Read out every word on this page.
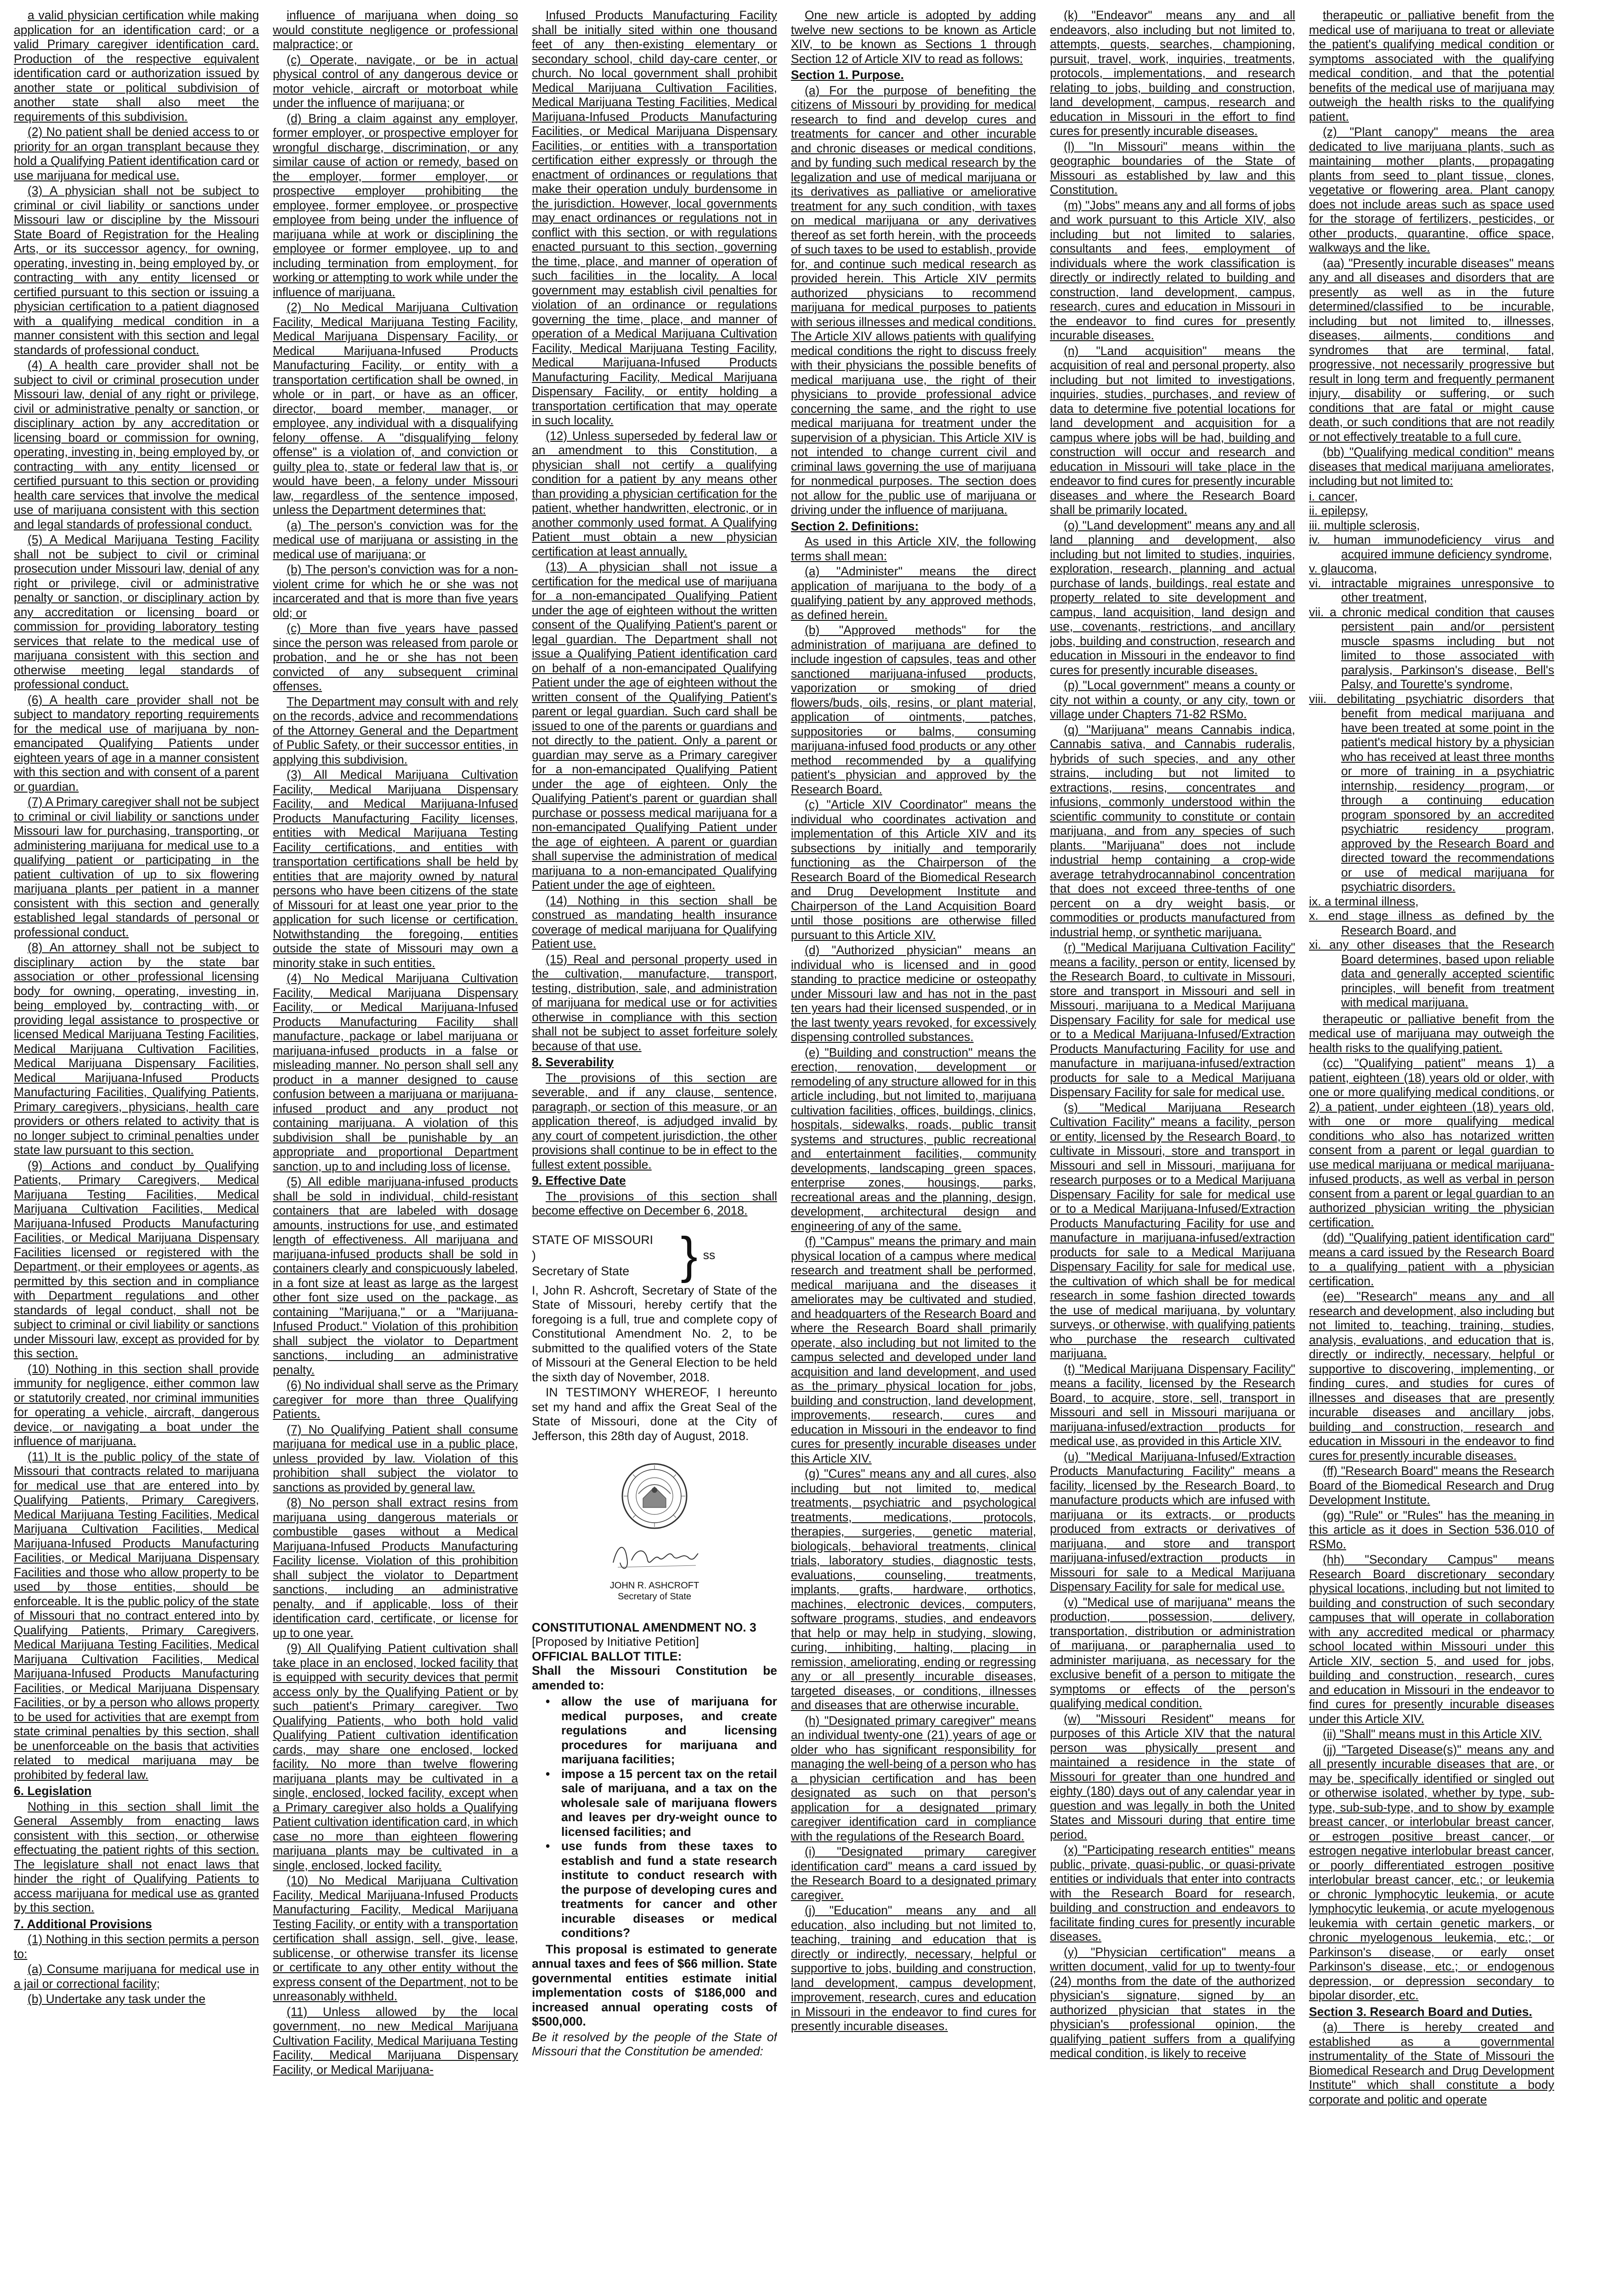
a valid physician certification while making application for an identification card; or a valid Primary caregiver identification card. Production of the respective equivalent identification card or authorization issued by another state or political subdivision of another state shall also meet the requirements of this subdivision.

(2) No patient shall be denied access to or priority for an organ transplant because they hold a Qualifying Patient identification card or use marijuana for medical use.

(3) A physician shall not be subject to criminal or civil liability or sanctions under Missouri law or discipline by the Missouri State Board of Registration for the Healing Arts, or its successor agency, for owning, operating, investing in, being employed by, or contracting with any entity licensed or certified pursuant to this section or issuing a physician certification to a patient diagnosed with a qualifying medical condition in a manner consistent with this section and legal standards of professional conduct.

(4) A health care provider shall not be subject to civil or criminal prosecution under Missouri law, denial of any right or privilege, civil or administrative penalty or sanction, or disciplinary action by any accreditation or licensing board or commission for owning, operating, investing in, being employed by, or contracting with any entity licensed or certified pursuant to this section or providing health care services that involve the medical use of marijuana consistent with this section and legal standards of professional conduct.

(5) A Medical Marijuana Testing Facility shall not be subject to civil or criminal prosecution under Missouri law, denial of any right or privilege, civil or administrative penalty or sanction, or disciplinary action by any accreditation or licensing board or commission for providing laboratory testing services that relate to the medical use of marijuana consistent with this section and otherwise meeting legal standards of professional conduct.

(6) A health care provider shall not be subject to mandatory reporting requirements for the medical use of marijuana by non-emancipated Qualifying Patients under eighteen years of age in a manner consistent with this section and with consent of a parent or guardian.

(7) A Primary caregiver shall not be subject to criminal or civil liability or sanctions under Missouri law for purchasing, transporting, or administering marijuana for medical use to a qualifying patient or participating in the patient cultivation of up to six flowering marijuana plants per patient in a manner consistent with this section and generally established legal standards of personal or professional conduct.

(8) An attorney shall not be subject to disciplinary action by the state bar association or other professional licensing body for owning, operating, investing in, being employed by, contracting with, or providing legal assistance to prospective or licensed Medical Marijuana Testing Facilities, Medical Marijuana Cultivation Facilities, Medical Marijuana Dispensary Facilities, Medical Marijuana-Infused Products Manufacturing Facilities, Qualifying Patients, Primary caregivers, physicians, health care providers or others related to activity that is no longer subject to criminal penalties under state law pursuant to this section.

(9) Actions and conduct by Qualifying Patients, Primary Caregivers, Medical Marijuana Testing Facilities, Medical Marijuana Cultivation Facilities, Medical Marijuana-Infused Products Manufacturing Facilities, or Medical Marijuana Dispensary Facilities licensed or registered with the Department, or their employees or agents, as permitted by this section and in compliance with Department regulations and other standards of legal conduct, shall not be subject to criminal or civil liability or sanctions under Missouri law, except as provided for by this section.

(10) Nothing in this section shall provide immunity for negligence, either common law or statutorily created, nor criminal immunities for operating a vehicle, aircraft, dangerous device, or navigating a boat under the influence of marijuana.

(11) It is the public policy of the state of Missouri that contracts related to marijuana for medical use that are entered into by Qualifying Patients, Primary Caregivers, Medical Marijuana Testing Facilities, Medical Marijuana Cultivation Facilities, Medical Marijuana-Infused Products Manufacturing Facilities, or Medical Marijuana Dispensary Facilities and those who allow property to be used by those entities, should be enforceable. It is the public policy of the state of Missouri that no contract entered into by Qualifying Patients, Primary Caregivers, Medical Marijuana Testing Facilities, Medical Marijuana Cultivation Facilities, Medical Marijuana-Infused Products Manufacturing Facilities, or Medical Marijuana Dispensary Facilities, or by a person who allows property to be used for activities that are exempt from state criminal penalties by this section, shall be unenforceable on the basis that activities related to medical marijuana may be prohibited by federal law.

6. Legislation

Nothing in this section shall limit the General Assembly from enacting laws consistent with this section, or otherwise effectuating the patient rights of this section. The legislature shall not enact laws that hinder the right of Qualifying Patients to access marijuana for medical use as granted by this section.

7. Additional Provisions

(1) Nothing in this section permits a person to:

(a) Consume marijuana for medical use in a jail or correctional facility;

(b) Undertake any task under the

influence of marijuana when doing so would constitute negligence or professional malpractice; or

(c) Operate, navigate, or be in actual physical control of any dangerous device or motor vehicle, aircraft or motorboat while under the influence of marijuana; or

(d) Bring a claim against any employer, former employer, or prospective employer for wrongful discharge, discrimination, or any similar cause of action or remedy, based on the employer, former employer, or prospective employer prohibiting the employee, former employee, or prospective employee from being under the influence of marijuana while at work or disciplining the employee or former employee, up to and including termination from employment, for working or attempting to work while under the influence of marijuana.

(2) No Medical Marijuana Cultivation Facility, Medical Marijuana Testing Facility, Medical Marijuana Dispensary Facility, or Medical Marijuana-Infused Products Manufacturing Facility, or entity with a transportation certification shall be owned, in whole or in part, or have as an officer, director, board member, manager, or employee, any individual with a disqualifying felony offense. A "disqualifying felony offense" is a violation of, and conviction or guilty plea to, state or federal law that is, or would have been, a felony under Missouri law, regardless of the sentence imposed, unless the Department determines that:

(a) The person's conviction was for the medical use of marijuana or assisting in the medical use of marijuana; or

(b) The person's conviction was for a non-violent crime for which he or she was not incarcerated and that is more than five years old; or

(c) More than five years have passed since the person was released from parole or probation, and he or she has not been convicted of any subsequent criminal offenses.

The Department may consult with and rely on the records, advice and recommendations of the Attorney General and the Department of Public Safety, or their successor entities, in applying this subdivision.

(3) All Medical Marijuana Cultivation Facility, Medical Marijuana Dispensary Facility, and Medical Marijuana-Infused Products Manufacturing Facility licenses, entities with Medical Marijuana Testing Facility certifications, and entities with transportation certifications shall be held by entities that are majority owned by natural persons who have been citizens of the state of Missouri for at least one year prior to the application for such license or certification. Notwithstanding the foregoing, entities outside the state of Missouri may own a minority stake in such entities.

(4) No Medical Marijuana Cultivation Facility, Medical Marijuana Dispensary Facility, or Medical Marijuana-Infused Products Manufacturing Facility shall manufacture, package or label marijuana or marijuana-infused products in a false or misleading manner. No person shall sell any product in a manner designed to cause confusion between a marijuana or marijuana-infused product and any product not containing marijuana. A violation of this subdivision shall be punishable by an appropriate and proportional Department sanction, up to and including loss of license.

(5) All edible marijuana-infused products shall be sold in individual, child-resistant containers that are labeled with dosage amounts, instructions for use, and estimated length of effectiveness. All marijuana and marijuana-infused products shall be sold in containers clearly and conspicuously labeled, in a font size at least as large as the largest other font size used on the package, as containing "Marijuana," or a "Marijuana-Infused Product." Violation of this prohibition shall subject the violator to Department sanctions, including an administrative penalty.

(6) No individual shall serve as the Primary caregiver for more than three Qualifying Patients.

(7) No Qualifying Patient shall consume marijuana for medical use in a public place, unless provided by law. Violation of this prohibition shall subject the violator to sanctions as provided by general law.

(8) No person shall extract resins from marijuana using dangerous materials or combustible gases without a Medical Marijuana-Infused Products Manufacturing Facility license. Violation of this prohibition shall subject the violator to Department sanctions, including an administrative penalty, and if applicable, loss of their identification card, certificate, or license for up to one year.

(9) All Qualifying Patient cultivation shall take place in an enclosed, locked facility that is equipped with security devices that permit access only by the Qualifying Patient or by such patient's Primary caregiver. Two Qualifying Patients, who both hold valid Qualifying Patient cultivation identification cards, may share one enclosed, locked facility. No more than twelve flowering marijuana plants may be cultivated in a single, enclosed, locked facility, except when a Primary caregiver also holds a Qualifying Patient cultivation identification card, in which case no more than eighteen flowering marijuana plants may be cultivated in a single, enclosed, locked facility.

(10) No Medical Marijuana Cultivation Facility, Medical Marijuana-Infused Products Manufacturing Facility, Medical Marijuana Testing Facility, or entity with a transportation certification shall assign, sell, give, lease, sublicense, or otherwise transfer its license or certificate to any other entity without the express consent of the Department, not to be unreasonably withheld.

(11) Unless allowed by the local government, no new Medical Marijuana Cultivation Facility, Medical Marijuana Testing Facility, Medical Marijuana Dispensary Facility, or Medical Marijuana-

Infused Products Manufacturing Facility shall be initially sited within one thousand feet of any then-existing elementary or secondary school, child day-care center, or church. No local government shall prohibit Medical Marijuana Cultivation Facilities, Medical Marijuana Testing Facilities, Medical Marijuana-Infused Products Manufacturing Facilities, or Medical Marijuana Dispensary Facilities, or entities with a transportation certification either expressly or through the enactment of ordinances or regulations that make their operation unduly burdensome in the jurisdiction. However, local governments may enact ordinances or regulations not in conflict with this section, or with regulations enacted pursuant to this section, governing the time, place, and manner of operation of such facilities in the locality. A local government may establish civil penalties for violation of an ordinance or regulations governing the time, place, and manner of operation of a Medical Marijuana Cultivation Facility, Medical Marijuana Testing Facility, Medical Marijuana-Infused Products Manufacturing Facility, Medical Marijuana Dispensary Facility, or entity holding a transportation certification that may operate in such locality.

(12) Unless superseded by federal law or an amendment to this Constitution, a physician shall not certify a qualifying condition for a patient by any means other than providing a physician certification for the patient, whether handwritten, electronic, or in another commonly used format. A Qualifying Patient must obtain a new physician certification at least annually.

(13) A physician shall not issue a certification for the medical use of marijuana for a non-emancipated Qualifying Patient under the age of eighteen without the written consent of the Qualifying Patient's parent or legal guardian. The Department shall not issue a Qualifying Patient identification card on behalf of a non-emancipated Qualifying Patient under the age of eighteen without the written consent of the Qualifying Patient's parent or legal guardian. Such card shall be issued to one of the parents or guardians and not directly to the patient. Only a parent or guardian may serve as a Primary caregiver for a non-emancipated Qualifying Patient under the age of eighteen. Only the Qualifying Patient's parent or guardian shall purchase or possess medical marijuana for a non-emancipated Qualifying Patient under the age of eighteen. A parent or guardian shall supervise the administration of medical marijuana to a non-emancipated Qualifying Patient under the age of eighteen.

(14) Nothing in this section shall be construed as mandating health insurance coverage of medical marijuana for Qualifying Patient use.

(15) Real and personal property used in the cultivation, manufacture, transport, testing, distribution, sale, and administration of marijuana for medical use or for activities otherwise in compliance with this section shall not be subject to asset forfeiture solely because of that use.

8. Severability

The provisions of this section are severable, and if any clause, sentence, paragraph, or section of this measure, or an application thereof, is adjudged invalid by any court of competent jurisdiction, the other provisions shall continue to be in effect to the fullest extent possible.

9. Effective Date

The provisions of this section shall become effective on December 6, 2018.

STATE OF MISSOURI
)
Secretary of State	} ss

I, John R. Ashcroft, Secretary of State of the State of Missouri, hereby certify that the foregoing is a full, true and complete copy of Constitutional Amendment No. 2, to be submitted to the qualified voters of the State of Missouri at the General Election to be held the sixth day of November, 2018.

IN TESTIMONY WHEREOF, I hereunto set my hand and affix the Great Seal of the State of Missouri, done at the City of Jefferson, this 28th day of August, 2018.

JOHN R. ASHCROFT
Secretary of State
CONSTITUTIONAL AMENDMENT NO. 3
[Proposed by Initiative Petition]
OFFICIAL BALLOT TITLE:
Shall the Missouri Constitution be amended to:
• allow the use of marijuana for medical purposes, and create regulations and licensing procedures for marijuana and marijuana facilities;
• impose a 15 percent tax on the retail sale of marijuana, and a tax on the wholesale sale of marijuana flowers and leaves per dry-weight ounce to licensed facilities; and
• use funds from these taxes to establish and fund a state research institute to conduct research with the purpose of developing cures and treatments for cancer and other incurable diseases or medical conditions?

This proposal is estimated to generate annual taxes and fees of $66 million. State governmental entities estimate initial implementation costs of $186,000 and increased annual operating costs of $500,000.

Be it resolved by the people of the State of Missouri that the Constitution be amended:

One new article is adopted by adding twelve new sections to be known as Article XIV, to be known as Sections 1 through Section 12 of Article XIV to read as follows:

Section 1. Purpose.

(a) For the purpose of benefiting the citizens of Missouri by providing for medical research to find and develop cures and treatments for cancer and other incurable and chronic diseases or medical conditions, and by funding such medical research by the legalization and use of medical marijuana or its derivatives as palliative or ameliorative treatment for any such condition, with taxes on medical marijuana or any derivatives thereof as set forth herein, with the proceeds of such taxes to be used to establish, provide for, and continue such medical research as provided herein. This Article XIV permits authorized physicians to recommend marijuana for medical purposes to patients with serious illnesses and medical conditions. The Article XIV allows patients with qualifying medical conditions the right to discuss freely with their physicians the possible benefits of medical marijuana use, the right of their physicians to provide professional advice concerning the same, and the right to use medical marijuana for treatment under the supervision of a physician. This Article XIV is not intended to change current civil and criminal laws governing the use of marijuana for nonmedical purposes. The section does not allow for the public use of marijuana or driving under the influence of marijuana.

Section 2. Definitions:

As used in this Article XIV, the following terms shall mean:

(a) "Administer" means the direct application of marijuana to the body of a qualifying patient by any approved methods, as defined herein.

(b) "Approved methods" for the administration of marijuana are defined to include ingestion of capsules, teas and other sanctioned marijuana-infused products, vaporization or smoking of dried flowers/buds, oils, resins, or plant material, application of ointments, patches, suppositories or balms, consuming marijuana-infused food products or any other method recommended by a qualifying patient's physician and approved by the Research Board.

(c) "Article XIV Coordinator" means the individual who coordinates activation and implementation of this Article XIV and its subsections by initially and temporarily functioning as the Chairperson of the Research Board of the Biomedical Research and Drug Development Institute and Chairperson of the Land Acquisition Board until those positions are otherwise filled pursuant to this Article XIV.

(d) "Authorized physician" means an individual who is licensed and in good standing to practice medicine or osteopathy under Missouri law and has not in the past ten years had their licensed suspended, or in the last twenty years revoked, for excessively dispensing controlled substances.

(e) "Building and construction" means the erection, renovation, development or remodeling of any structure allowed for in this article including, but not limited to, marijuana cultivation facilities, offices, buildings, clinics, hospitals, sidewalks, roads, public transit systems and structures, public recreational and entertainment facilities, community developments, landscaping green spaces, enterprise zones, housings, parks, recreational areas and the planning, design, development, architectural design and engineering of any of the same.

(f) "Campus" means the primary and main physical location of a campus where medical research and treatment shall be performed, medical marijuana and the diseases it ameliorates may be cultivated and studied, and headquarters of the Research Board and where the Research Board shall primarily operate, also including but not limited to the campus selected and developed under land acquisition and land development, and used as the primary physical location for jobs, building and construction, land development, improvements, research, cures and education in Missouri in the endeavor to find cures for presently incurable diseases under this Article XIV.

(g) "Cures" means any and all cures, also including but not limited to, medical treatments, psychiatric and psychological treatments, medications, protocols, therapies, surgeries, genetic material, biologicals, behavioral treatments, clinical trials, laboratory studies, diagnostic tests, evaluations, counseling, treatments, implants, grafts, hardware, orthotics, machines, electronic devices, computers, software programs, studies, and endeavors that help or may help in studying, slowing, curing, inhibiting, halting, placing in remission, ameliorating, ending or regressing any or all presently incurable diseases, targeted diseases, or conditions, illnesses and diseases that are otherwise incurable.

(h) "Designated primary caregiver" means an individual twenty-one (21) years of age or older who has significant responsibility for managing the well-being of a person who has a physician certification and has been designated as such on that person's application for a designated primary caregiver identification card in compliance with the regulations of the Research Board.

(i) "Designated primary caregiver identification card" means a card issued by the Research Board to a designated primary caregiver.

(j) "Education" means any and all education, also including but not limited to, teaching, training and education that is directly or indirectly, necessary, helpful or supportive to jobs, building and construction, land development, campus development, improvement, research, cures and education in Missouri in the endeavor to find cures for presently incurable diseases.

(k) "Endeavor" means any and all endeavors, also including but not limited to, attempts, quests, searches, championing, pursuit, travel, work, inquiries, treatments, protocols, implementations, and research relating to jobs, building and construction, land development, campus, research and education in Missouri in the effort to find cures for presently incurable diseases.

(l) "In Missouri" means within the geographic boundaries of the State of Missouri as established by law and this Constitution.

(m) "Jobs" means any and all forms of jobs and work pursuant to this Article XIV, also including but not limited to salaries, consultants and fees, employment of individuals where the work classification is directly or indirectly related to building and construction, land development, campus, research, cures and education in Missouri in the endeavor to find cures for presently incurable diseases.

(n) "Land acquisition" means the acquisition of real and personal property, also including but not limited to investigations, inquiries, studies, purchases, and review of data to determine five potential locations for land development and acquisition for a campus where jobs will be had, building and construction will occur and research and education in Missouri will take place in the endeavor to find cures for presently incurable diseases and where the Research Board shall be primarily located.

(o) "Land development" means any and all land planning and development, also including but not limited to studies, inquiries, exploration, research, planning and actual purchase of lands, buildings, real estate and property related to site development and campus, land acquisition, land design and use, covenants, restrictions, and ancillary jobs, building and construction, research and education in Missouri in the endeavor to find cures for presently incurable diseases.

(p) "Local government" means a county or city not within a county, or any city, town or village under Chapters 71-82 RSMo.

(q) "Marijuana" means Cannabis indica, Cannabis sativa, and Cannabis ruderalis, hybrids of such species, and any other strains, including but not limited to extractions, resins, concentrates and infusions, commonly understood within the scientific community to constitute or contain marijuana, and from any species of such plants. "Marijuana" does not include industrial hemp containing a crop-wide average tetrahydrocannabinol concentration that does not exceed three-tenths of one percent on a dry weight basis, or commodities or products manufactured from industrial hemp, or synthetic marijuana.

(r) "Medical Marijuana Cultivation Facility" means a facility, person or entity, licensed by the Research Board, to cultivate in Missouri, store and transport in Missouri and sell in Missouri, marijuana to a Medical Marijuana Dispensary Facility for sale for medical use or to a Medical Marijuana-Infused/Extraction Products Manufacturing Facility for use and manufacture in marijuana-infused/extraction products for sale to a Medical Marijuana Dispensary Facility for sale for medical use.

(s) "Medical Marijuana Research Cultivation Facility" means a facility, person or entity, licensed by the Research Board, to cultivate in Missouri, store and transport in Missouri and sell in Missouri, marijuana for research purposes or to a Medical Marijuana Dispensary Facility for sale for medical use or to a Medical Marijuana-Infused/Extraction Products Manufacturing Facility for use and manufacture in marijuana-infused/extraction products for sale to a Medical Marijuana Dispensary Facility for sale for medical use, the cultivation of which shall be for medical research in some fashion directed towards the use of medical marijuana, by voluntary surveys, or otherwise, with qualifying patients who purchase the research cultivated marijuana.

(t) "Medical Marijuana Dispensary Facility" means a facility, licensed by the Research Board, to acquire, store, sell, transport in Missouri and sell in Missouri marijuana or marijuana-infused/extraction products for medical use, as provided in this Article XIV.

(u) "Medical Marijuana-Infused/Extraction Products Manufacturing Facility" means a facility, licensed by the Research Board, to manufacture products which are infused with marijuana or its extracts, or products produced from extracts or derivatives of marijuana, and store and transport marijuana-infused/extraction products in Missouri for sale to a Medical Marijuana Dispensary Facility for sale for medical use.

(v) "Medical use of marijuana" means the production, possession, delivery, transportation, distribution or administration of marijuana, or paraphernalia used to administer marijuana, as necessary for the exclusive benefit of a person to mitigate the symptoms or effects of the person's qualifying medical condition.

(w) "Missouri Resident" means for purposes of this Article XIV that the natural person was physically present and maintained a residence in the state of Missouri for greater than one hundred and eighty (180) days out of any calendar year in question and was legally in both the United States and Missouri during that entire time period.

(x) "Participating research entities" means public, private, quasi-public, or quasi-private entities or individuals that enter into contracts with the Research Board for research, building and construction and endeavors to facilitate finding cures for presently incurable diseases.

(y) "Physician certification" means a written document, valid for up to twenty-four (24) months from the date of the authorized physician's signature, signed by an authorized physician that states in the physician's professional opinion, the qualifying patient suffers from a qualifying medical condition, is likely to receive

therapeutic or palliative benefit from the medical use of marijuana to treat or alleviate the patient's qualifying medical condition or symptoms associated with the qualifying medical condition, and that the potential benefits of the medical use of marijuana may outweigh the health risks to the qualifying patient.

(z) "Plant canopy" means the area dedicated to live marijuana plants, such as maintaining mother plants, propagating plants from seed to plant tissue, clones, vegetative or flowering area. Plant canopy does not include areas such as space used for the storage of fertilizers, pesticides, or other products, quarantine, office space, walkways and the like.

(aa) "Presently incurable diseases" means any and all diseases and disorders that are presently as well as in the future determined/classified to be incurable, including but not limited to, illnesses, diseases, ailments, conditions and syndromes that are terminal, fatal, progressive, not necessarily progressive but result in long term and frequently permanent injury, disability or suffering, or such conditions that are fatal or might cause death, or such conditions that are not readily or not effectively treatable to a full cure.

(bb) "Qualifying medical condition" means diseases that medical marijuana ameliorates, including but not limited to:

i. cancer,
ii. epilepsy,
iii. multiple sclerosis,
iv. human immunodeficiency virus and acquired immune deficiency syndrome,
v. glaucoma,
vi. intractable migraines unresponsive to other treatment,
vii. a chronic medical condition that causes persistent pain and/or persistent muscle spasms including but not limited to those associated with paralysis, Parkinson's disease, Bell's Palsy, and Tourette's syndrome,
viii. debilitating psychiatric disorders that benefit from medical marijuana and have been treated at some point in the patient's medical history by a physician who has received at least three months or more of training in a psychiatric internship, residency program, or through a continuing education program sponsored by an accredited psychiatric residency program, approved by the Research Board and directed toward the recommendations or use of medical marijuana for psychiatric disorders.
ix. a terminal illness,
x. end stage illness as defined by the Research Board, and
xi. any other diseases that the Research Board determines, based upon reliable data and generally accepted scientific principles, will benefit from treatment with medical marijuana.

therapeutic or palliative benefit from the medical use of marijuana may outweigh the health risks to the qualifying patient.

(cc) "Qualifying patient" means 1) a patient, eighteen (18) years old or older, with one or more qualifying medical conditions, or 2) a patient, under eighteen (18) years old, with one or more qualifying medical conditions who also has notarized written consent from a parent or legal guardian to use medical marijuana or medical marijuana-infused products, as well as verbal in person consent from a parent or legal guardian to an authorized physician writing the physician certification.

(dd) "Qualifying patient identification card" means a card issued by the Research Board to a qualifying patient with a physician certification.

(ee) "Research" means any and all research and development, also including but not limited to, teaching, training, studies, analysis, evaluations, and education that is, directly or indirectly, necessary, helpful or supportive to discovering, implementing, or finding cures, and studies for cures of illnesses and diseases that are presently incurable diseases and ancillary jobs, building and construction, research and education in Missouri in the endeavor to find cures for presently incurable diseases.

(ff) "Research Board" means the Research Board of the Biomedical Research and Drug Development Institute.

(gg) "Rule" or "Rules" has the meaning in this article as it does in Section 536.010 of RSMo.

(hh) "Secondary Campus" means Research Board discretionary secondary physical locations, including but not limited to building and construction of such secondary campuses that will operate in collaboration with any accredited medical or pharmacy school located within Missouri under this Article XIV, section 5, and used for jobs, building and construction, research, cures and education in Missouri in the endeavor to find cures for presently incurable diseases under this Article XIV.

(ii) "Shall" means must in this Article XIV.

(jj) "Targeted Disease(s)" means any and all presently incurable diseases that are, or may be, specifically identified or singled out or otherwise isolated, whether by type, sub-type, sub-sub-type, and to show by example breast cancer, or interlobular breast cancer, or estrogen positive breast cancer, or estrogen negative interlobular breast cancer, or poorly differentiated estrogen positive interlobular breast cancer, etc.; or leukemia or chronic lymphocytic leukemia, or acute lymphocytic leukemia, or acute myelogenous leukemia with certain genetic markers, or chronic myelogenous leukemia, etc.; or Parkinson's disease, or early onset Parkinson's disease, etc.; or endogenous depression, or depression secondary to bipolar disorder, etc.

Section 3. Research Board and Duties.

(a) There is hereby created and established as a governmental instrumentality of the State of Missouri the Biomedical Research and Drug Development Institute" which shall constitute a body corporate and politic and operate
